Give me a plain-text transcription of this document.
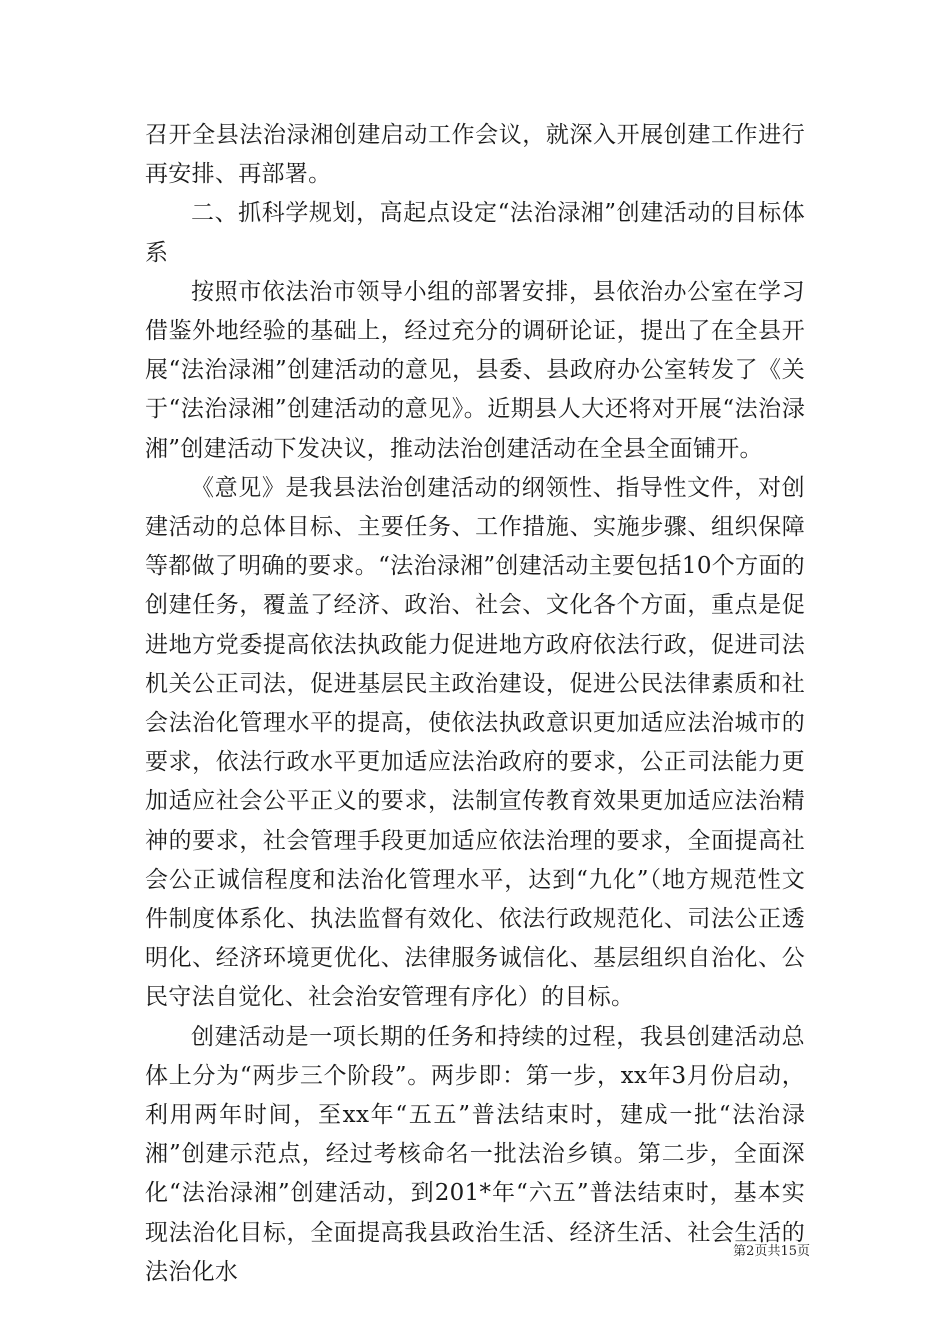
召开全县法治渌湘创建启动工作会议，就深入开展创建工作进行再安排、再部署。

二、抓科学规划，高起点设定“法治渌湘”创建活动的目标体系

按照市依法治市领导小组的部署安排，县依治办公室在学习借鉴外地经验的基础上，经过充分的调研论证，提出了在全县开展“法治渌湘”创建活动的意见，县委、县政府办公室转发了《关于“法治渌湘”创建活动的意见》。近期县人大还将对开展“法治渌湘”创建活动下发决议，推动法治创建活动在全县全面铺开。

《意见》是我县法治创建活动的纲领性、指导性文件，对创建活动的总体目标、主要任务、工作措施、实施步骤、组织保障等都做了明确的要求。“法治渌湘”创建活动主要包括10个方面的创建任务，覆盖了经济、政治、社会、文化各个方面，重点是促进地方党委提高依法执政能力促进地方政府依法行政，促进司法机关公正司法，促进基层民主政治建设，促进公民法律素质和社会法治化管理水平的提高，使依法执政意识更加适应法治城市的要求，依法行政水平更加适应法治政府的要求，公正司法能力更加适应社会公平正义的要求，法制宣传教育效果更加适应法治精神的要求，社会管理手段更加适应依法治理的要求，全面提高社会公正诚信程度和法治化管理水平，达到“九化”（地方规范性文件制度体系化、执法监督有效化、依法行政规范化、司法公正透明化、经济环境更优化、法律服务诚信化、基层组织自治化、公民守法自觉化、社会治安管理有序化）的目标。

创建活动是一项长期的任务和持续的过程，我县创建活动总体上分为“两步三个阶段”。两步即：第一步，xx年3月份启动，利用两年时间，至xx年“五五”普法结束时，建成一批“法治渌湘”创建示范点，经过考核命名一批法治乡镇。第二步，全面深化“法治渌湘”创建活动，到201*年“六五”普法结束时，基本实现法治化目标，全面提高我县政治生活、经济生活、社会生活的法治化水

第2页共15页
